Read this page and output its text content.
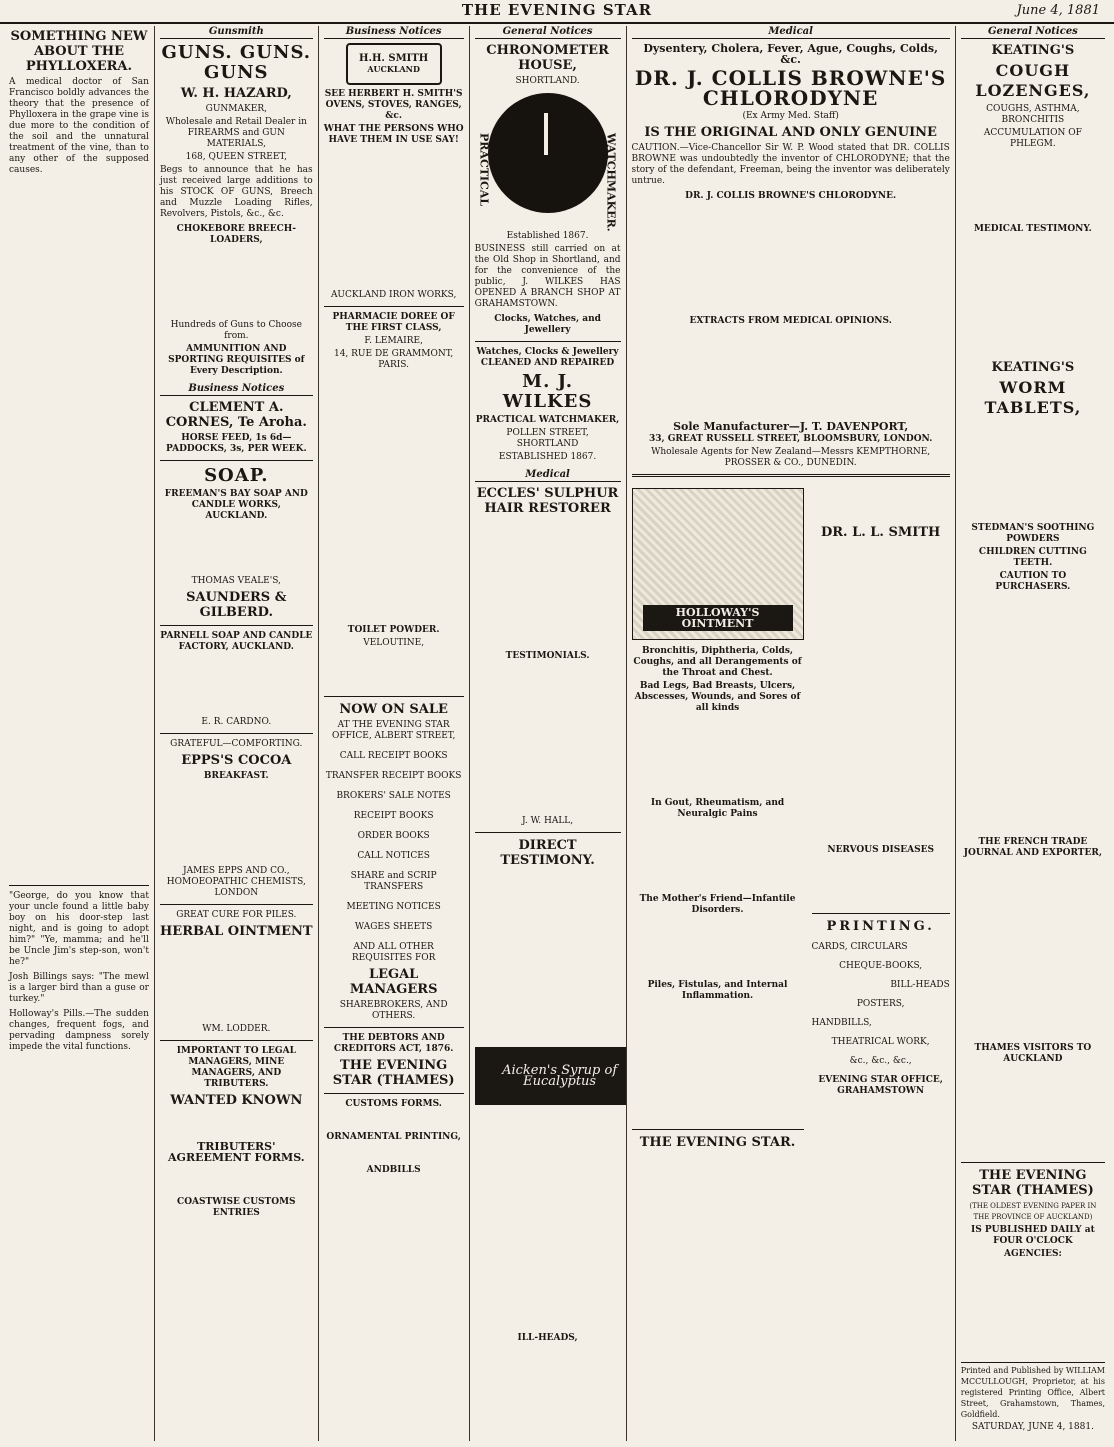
THE EVENING STAR	June 4, 1881
SOMETHING NEW ABOUT THE PHYLLOXERA.

A medical doctor of San Francisco boldly advances the theory that the presence of Phylloxera in the grape vine is due more to the condition of the soil and the unnatural treatment of the vine, than to any other of the supposed causes.

"George, do you know that your uncle found a little baby boy on his door-step last night, and is going to adopt him?" "Ye, mamma; and he'll be Uncle Jim's step-son, won't he?"

Josh Billings says: "The mewl is a larger bird than a guse or turkey."

Holloway's Pills.—The sudden changes, frequent fogs, and pervading dampness sorely impede the vital functions.

Gunsmith
GUNS. GUNS. GUNS
W. H. HAZARD,
GUNMAKER,
Wholesale and Retail Dealer in FIREARMS and GUN MATERIALS,
168, QUEEN STREET,

Begs to announce that he has just received large additions to his STOCK OF GUNS, Breech and Muzzle Loading Rifles, Revolvers, Pistols, &c., &c.

CHOKEBORE BREECH-LOADERS,
Hundreds of Guns to Choose from.
AMMUNITION AND SPORTING REQUISITES of Every Description.
Business Notices
CLEMENT A. CORNES, Te Aroha.
HORSE FEED, 1s 6d—PADDOCKS, 3s, PER WEEK.
SOAP.
FREEMAN'S BAY SOAP AND CANDLE WORKS, AUCKLAND.
THOMAS VEALE'S,
SAUNDERS & GILBERD.
PARNELL SOAP AND CANDLE FACTORY, AUCKLAND.
E. R. CARDNO.
GRATEFUL—COMFORTING.
EPPS'S COCOA
BREAKFAST.
JAMES EPPS AND CO., HOMOEOPATHIC CHEMISTS, LONDON
GREAT CURE FOR PILES.
HERBAL OINTMENT
WM. LODDER.
IMPORTANT TO LEGAL MANAGERS, MINE MANAGERS, AND TRIBUTERS.
WANTED KNOWN
TRIBUTERS' AGREEMENT FORMS.
COASTWISE CUSTOMS ENTRIES
Business Notices
H.H. SMITH
AUCKLAND
SEE HERBERT H. SMITH'S OVENS, STOVES, RANGES, &c.
WHAT THE PERSONS WHO HAVE THEM IN USE SAY!
AUCKLAND IRON WORKS,
PHARMACIE DOREE OF THE FIRST CLASS,
F. LEMAIRE,
14, RUE DE GRAMMONT, PARIS.
TOILET POWDER.
VELOUTINE,
NOW ON SALE
AT THE EVENING STAR OFFICE, ALBERT STREET,
CALL RECEIPT BOOKS
TRANSFER RECEIPT BOOKS
BROKERS' SALE NOTES
RECEIPT BOOKS
ORDER BOOKS
CALL NOTICES
SHARE and SCRIP TRANSFERS
MEETING NOTICES
WAGES SHEETS
AND ALL OTHER REQUISITES FOR
LEGAL MANAGERS
SHAREBROKERS, AND OTHERS.
THE DEBTORS AND CREDITORS ACT, 1876.
THE EVENING STAR (THAMES)
CUSTOMS FORMS.
ORNAMENTAL PRINTING,
ANDBILLS
General Notices
CHRONOMETER HOUSE,
SHORTLAND.
PRACTICAL	WATCHMAKER.
Established 1867.

BUSINESS still carried on at the Old Shop in Shortland, and for the convenience of the public, J. WILKES HAS OPENED A BRANCH SHOP AT GRAHAMSTOWN.

Clocks, Watches, and Jewellery
Watches, Clocks & Jewellery CLEANED AND REPAIRED
M. J. WILKES
PRACTICAL WATCHMAKER,
POLLEN STREET, SHORTLAND
ESTABLISHED 1867.
Medical
ECCLES' SULPHUR HAIR RESTORER
TESTIMONIALS.
J. W. HALL,
DIRECT TESTIMONY.
Aicken's Syrup of Eucalyptus
ILL-HEADS,
Medical
Dysentery, Cholera, Fever, Ague, Coughs, Colds, &c.
DR. J. COLLIS BROWNE'S CHLORODYNE
(Ex Army Med. Staff)
IS THE ORIGINAL AND ONLY GENUINE

CAUTION.—Vice-Chancellor Sir W. P. Wood stated that DR. COLLIS BROWNE was undoubtedly the inventor of CHLORODYNE; that the story of the defendant, Freeman, being the inventor was deliberately untrue.

DR. J. COLLIS BROWNE'S CHLORODYNE.
EXTRACTS FROM MEDICAL OPINIONS.
Sole Manufacturer—J. T. DAVENPORT,
33, GREAT RUSSELL STREET, BLOOMSBURY, LONDON.
Wholesale Agents for New Zealand—Messrs KEMPTHORNE, PROSSER & CO., DUNEDIN.
HOLLOWAY'S OINTMENT
Bronchitis, Diphtheria, Colds, Coughs, and all Derangements of the Throat and Chest.
Bad Legs, Bad Breasts, Ulcers, Abscesses, Wounds, and Sores of all kinds
In Gout, Rheumatism, and Neuralgic Pains
The Mother's Friend—Infantile Disorders.
Piles, Fistulas, and Internal Inflammation.
THE EVENING STAR.
DR. L. L. SMITH
NERVOUS DISEASES
PRINTING.
CARDS, CIRCULARS
CHEQUE-BOOKS,
BILL-HEADS
POSTERS,
HANDBILLS,
THEATRICAL WORK,
&c., &c., &c.,
EVENING STAR OFFICE, GRAHAMSTOWN
General Notices
KEATING'S
COUGH LOZENGES,
COUGHS, ASTHMA, BRONCHITIS
ACCUMULATION OF PHLEGM.
MEDICAL TESTIMONY.
KEATING'S
WORM TABLETS,
STEDMAN'S SOOTHING POWDERS
CHILDREN CUTTING TEETH.
CAUTION TO PURCHASERS.
THE FRENCH TRADE JOURNAL AND EXPORTER,
THAMES VISITORS TO AUCKLAND
THE EVENING STAR (THAMES)
(THE OLDEST EVENING PAPER IN THE PROVINCE OF AUCKLAND)
IS PUBLISHED DAILY at FOUR O'CLOCK
AGENCIES:
Printed and Published by WILLIAM MCCULLOUGH, Proprietor, at his registered Printing Office, Albert Street, Grahamstown, Thames, Goldfield.
SATURDAY, JUNE 4, 1881.
